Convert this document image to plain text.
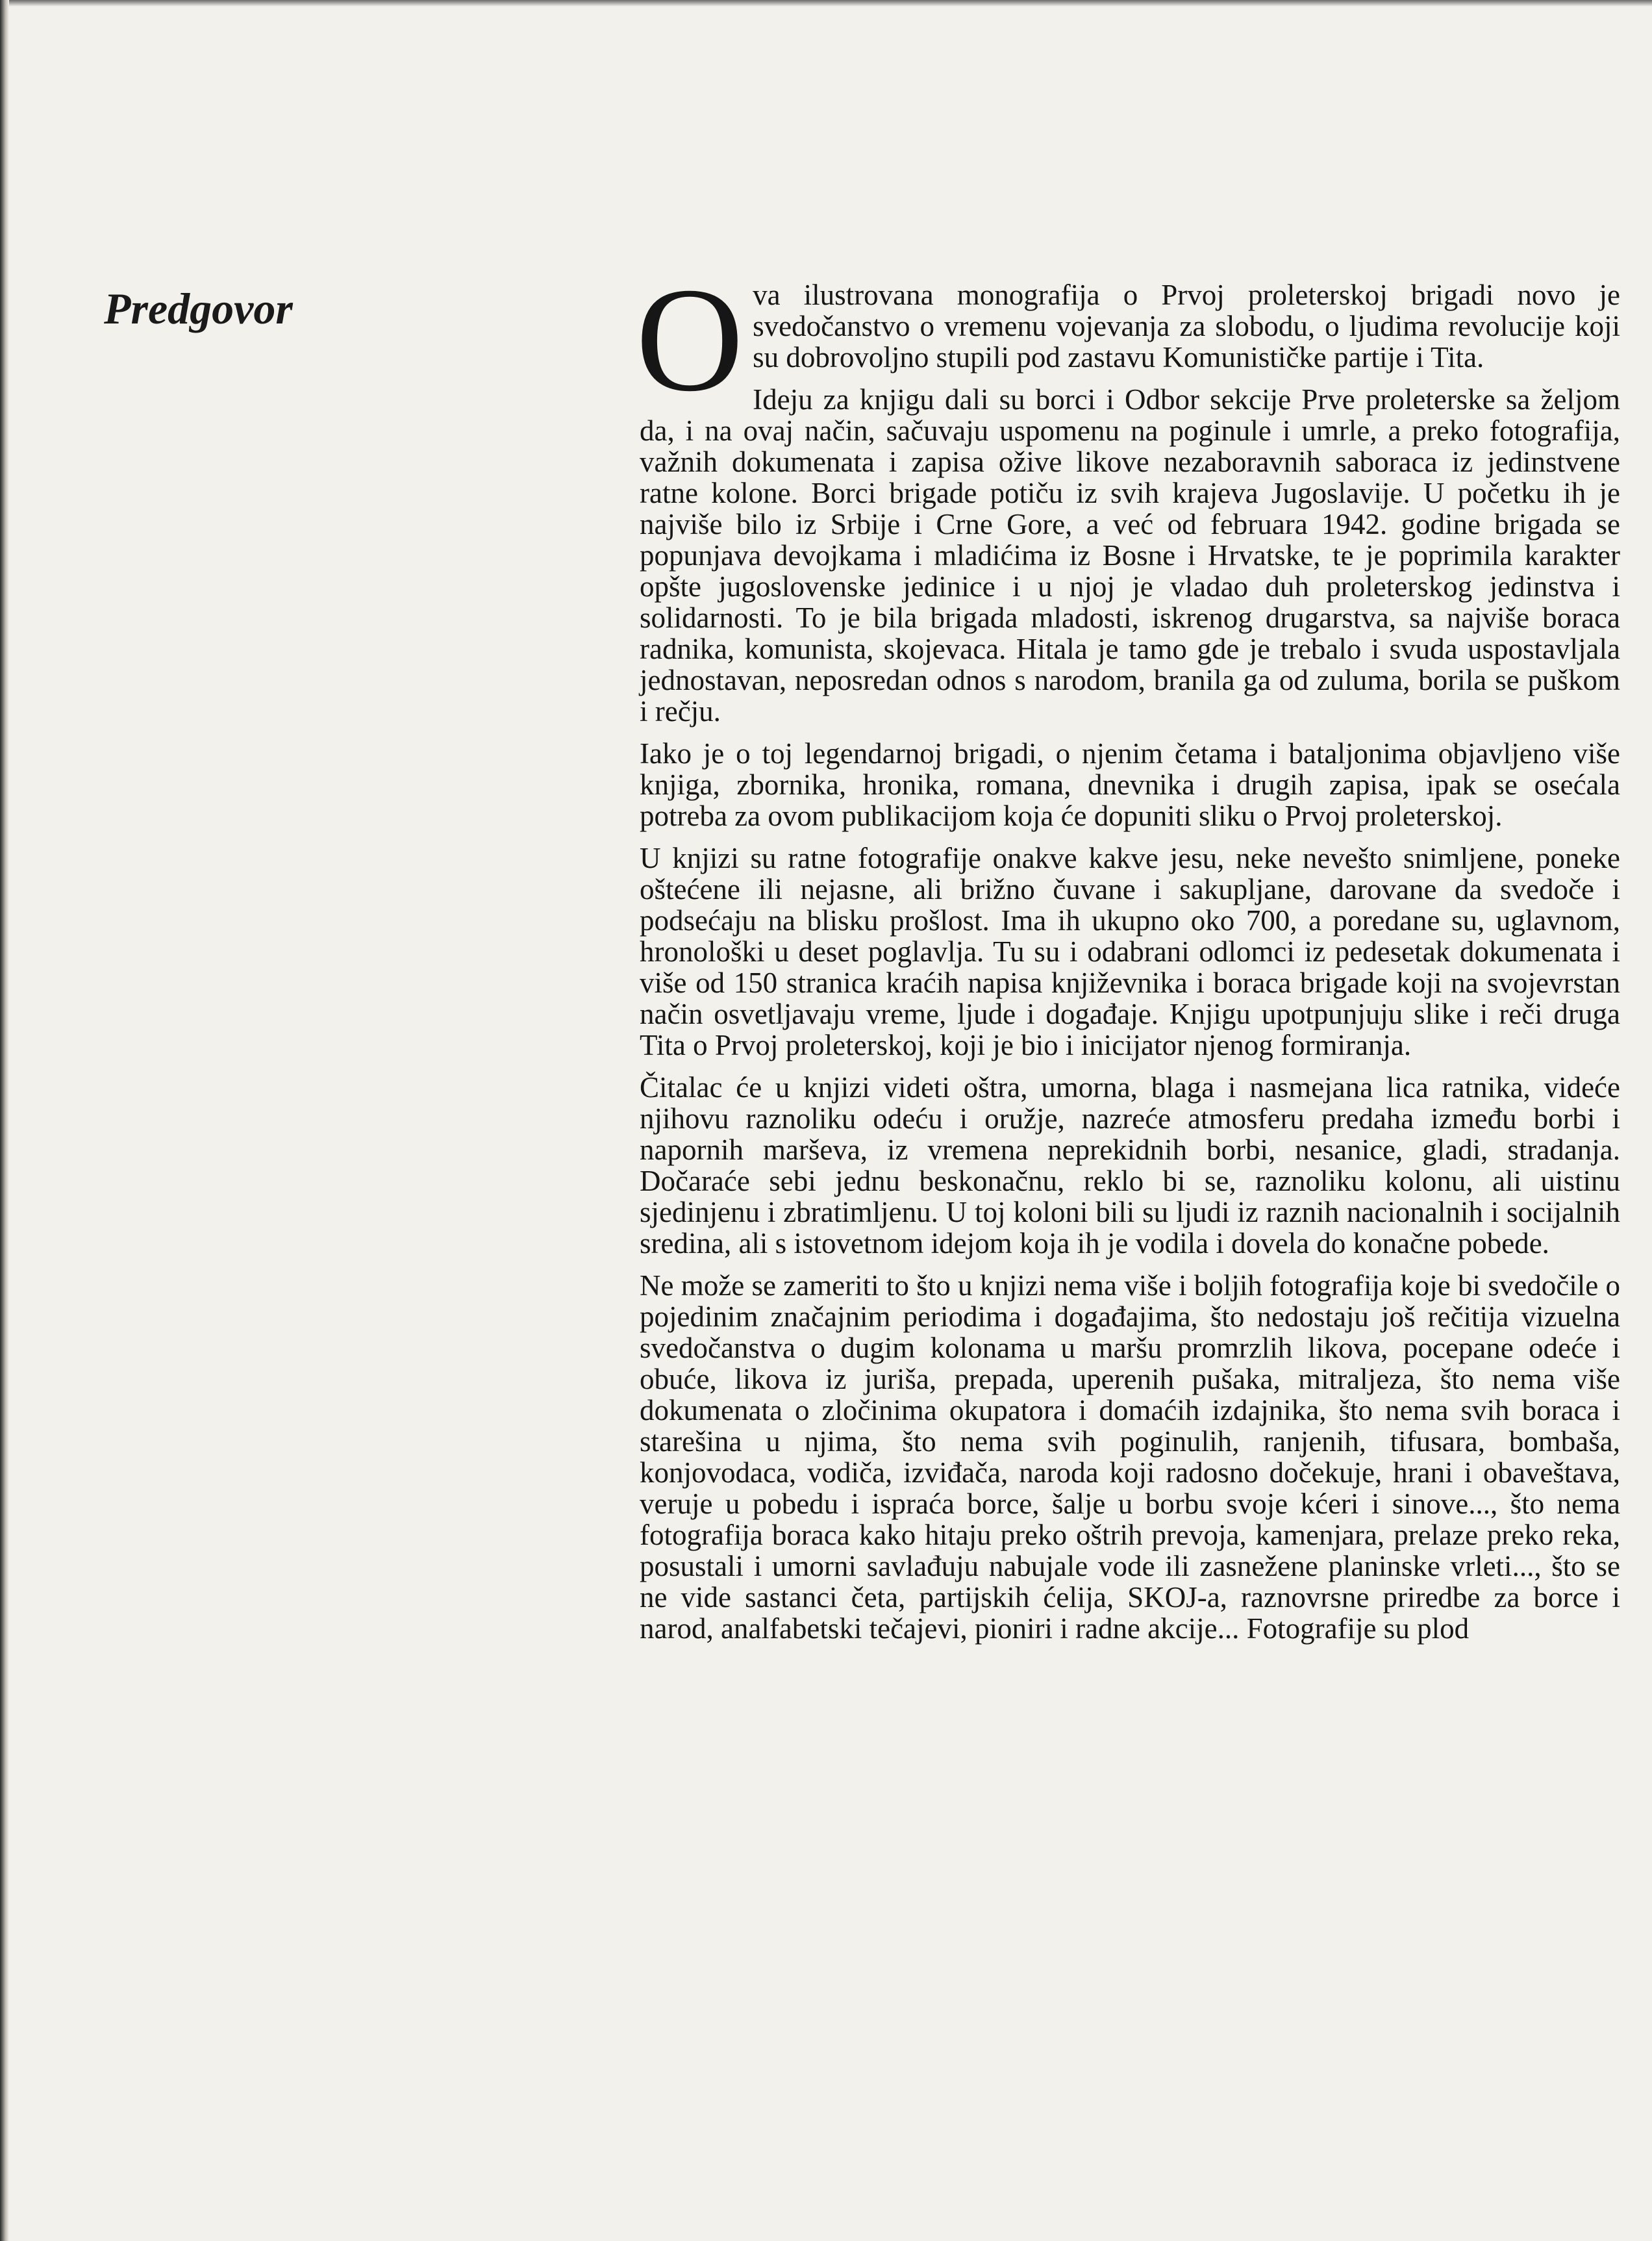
Predgovor Ova ilustrovana monografija o Prvoj proleterskoj brigadi novo je svedočanstvo o vremenu vojevanja za slobodu, o ljudima revolucije koji su dobrovoljno stupili pod zastavu Komunističke partije i Tita.

Ideju za knjigu dali su borci i Odbor sekcije Prve proleterske sa željom da, i na ovaj način, sačuvaju uspomenu na poginule i umrle, a preko fotografija, važnih dokumenata i zapisa ožive likove nezaboravnih saboraca iz jedinstvene ratne kolone. Borci brigade potiču iz svih krajeva Jugoslavije. U početku ih je najviše bilo iz Srbije i Crne Gore, a već od februara 1942. godine brigada se popunjava devojkama i mladićima iz Bosne i Hrvatske, te je poprimila karakter opšte jugoslovenske jedinice i u njoj je vladao duh proleterskog jedinstva i solidarnosti. To je bila brigada mladosti, iskrenog drugarstva, sa najviše boraca radnika, komunista, skojevaca. Hitala je tamo gde je trebalo i svuda uspostavljala jednostavan, neposredan odnos s narodom, branila ga od zuluma, borila se puškom i rečju.

Iako je o toj legendarnoj brigadi, o njenim četama i bataljonima objavljeno više knjiga, zbornika, hronika, romana, dnevnika i drugih zapisa, ipak se osećala potreba za ovom publikacijom koja će dopuniti sliku o Prvoj proleterskoj.

U knjizi su ratne fotografije onakve kakve jesu, neke nevešto snimljene, poneke oštećene ili nejasne, ali brižno čuvane i sakupljane, darovane da svedoče i podsećaju na blisku prošlost. Ima ih ukupno oko 700, a poredane su, uglavnom, hronološki u deset poglavlja. Tu su i odabrani odlomci iz pedesetak dokumenata i više od 150 stranica kraćih napisa književnika i boraca brigade koji na svojevrstan način osvetljavaju vreme, ljude i događaje. Knjigu upotpunjuju slike i reči druga Tita o Prvoj proleterskoj, koji je bio i inicijator njenog formiranja.

Čitalac će u knjizi videti oštra, umorna, blaga i nasmejana lica ratnika, videće njihovu raznoliku odeću i oružje, nazreće atmosferu predaha između borbi i napornih marševa, iz vremena neprekidnih borbi, nesanice, gladi, stradanja. Dočaraće sebi jednu beskonačnu, reklo bi se, raznoliku kolonu, ali uistinu sjedinjenu i zbratimljenu. U toj koloni bili su ljudi iz raznih nacionalnih i socijalnih sredina, ali s istovetnom idejom koja ih je vodila i dovela do konačne pobede.

Ne može se zameriti to što u knjizi nema više i boljih fotografija koje bi svedočile o pojedinim značajnim periodima i događajima, što nedostaju još rečitija vizuelna svedočanstva o dugim kolonama u maršu promrzlih likova, pocepane odeće i obuće, likova iz juriša, prepada, uperenih pušaka, mitraljeza, što nema više dokumenata o zločinima okupatora i domaćih izdajnika, što nema svih boraca i starešina u njima, što nema svih poginulih, ranjenih, tifusara, bombaša, konjovodaca, vodiča, izviđača, naroda koji radosno dočekuje, hrani i obaveštava, veruje u pobedu i ispraća borce, šalje u borbu svoje kćeri i sinove..., što nema fotografija boraca kako hitaju preko oštrih prevoja, kamenjara, prelaze preko reka, posustali i umorni savlađuju nabujale vode ili zasnežene planinske vrleti..., što se ne vide sastanci četa, partijskih ćelija, SKOJ-a, raznovrsne priredbe za borce i narod, analfabetski tečajevi, pioniri i radne akcije... Fotografije su plod
